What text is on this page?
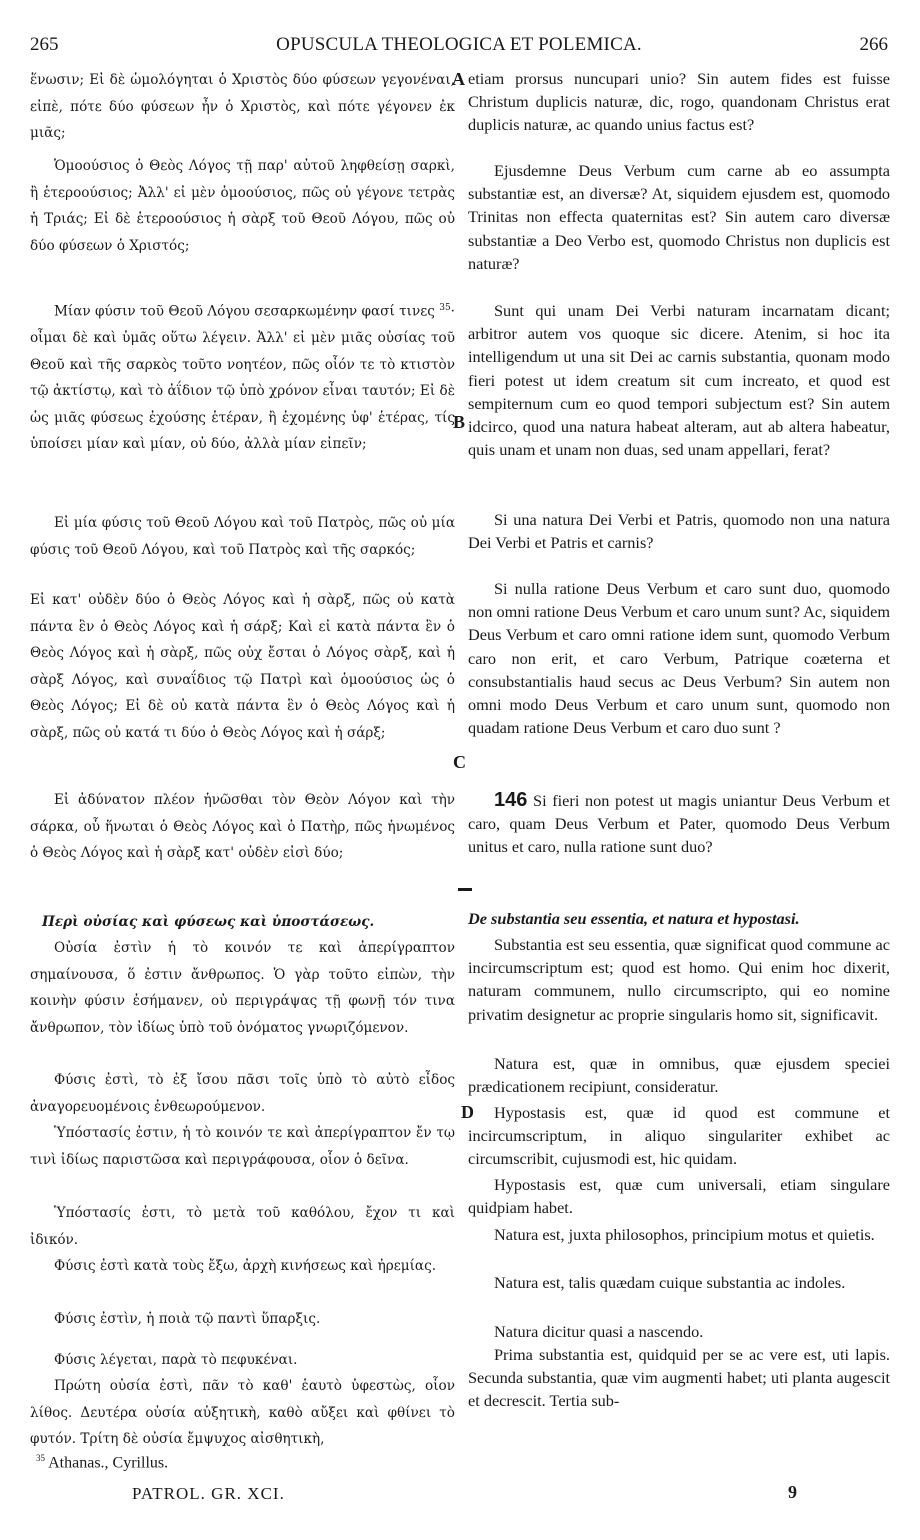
265	OPUSCULA THEOLOGICA ET POLEMICA.	266
A
B
C
D

ἕνωσιν; Εἰ δὲ ὡμολόγηται ὁ Χριστὸς δύο φύσεων γεγονέναι, εἰπὲ, πότε δύο φύσεων ἦν ὁ Χριστὸς, καὶ πότε γέγονεν ἐκ μιᾶς;

Ὁμοούσιος ὁ Θεὸς Λόγος τῇ παρ' αὐτοῦ ληφθείσῃ σαρκὶ, ἢ ἑτεροούσιος; Ἀλλ' εἰ μὲν ὁμοούσιος, πῶς οὐ γέγονε τετρὰς ἡ Τριάς; Εἰ δὲ ἑτεροούσιος ἡ σὰρξ τοῦ Θεοῦ Λόγου, πῶς οὐ δύο φύσεων ὁ Χριστός;

Μίαν φύσιν τοῦ Θεοῦ Λόγου σεσαρκωμένην φασί τινες $^{35}$· οἶμαι δὲ καὶ ὑμᾶς οὕτω λέγειν. Ἀλλ' εἰ μὲν μιᾶς οὐσίας τοῦ Θεοῦ καὶ τῆς σαρκὸς τοῦτο νοητέον, πῶς οἷόν τε τὸ κτιστὸν τῷ ἀκτίστῳ, καὶ τὸ ἀΐδιον τῷ ὑπὸ χρόνον εἶναι ταυτόν; Εἰ δὲ ὡς μιᾶς φύσεως ἐχούσης ἑτέραν, ἢ ἐχομένης ὑφ' ἑτέρας, τίς ὑποίσει μίαν καὶ μίαν, οὐ δύο, ἀλλὰ μίαν εἰπεῖν;

Εἰ μία φύσις τοῦ Θεοῦ Λόγου καὶ τοῦ Πατρὸς, πῶς οὐ μία φύσις τοῦ Θεοῦ Λόγου, καὶ τοῦ Πατρὸς καὶ τῆς σαρκός;

Εἰ κατ' οὐδὲν δύο ὁ Θεὸς Λόγος καὶ ἡ σὰρξ, πῶς οὐ κατὰ πάντα ἓν ὁ Θεὸς Λόγος καὶ ἡ σάρξ; Καὶ εἰ κατὰ πάντα ἓν ὁ Θεὸς Λόγος καὶ ἡ σὰρξ, πῶς οὐχ ἔσται ὁ Λόγος σὰρξ, καὶ ἡ σὰρξ Λόγος, καὶ συναΐδιος τῷ Πατρὶ καὶ ὁμοούσιος ὡς ὁ Θεὸς Λόγος; Εἰ δὲ οὐ κατὰ πάντα ἓν ὁ Θεὸς Λόγος καὶ ἡ σὰρξ, πῶς οὐ κατά τι δύο ὁ Θεὸς Λόγος καὶ ἡ σάρξ;

Εἰ ἀδύνατον πλέον ἡνῶσθαι τὸν Θεὸν Λόγον καὶ τὴν σάρκα, οὗ ἥνωται ὁ Θεὸς Λόγος καὶ ὁ Πατὴρ, πῶς ἡνωμένος ὁ Θεὸς Λόγος καὶ ἡ σὰρξ κατ' οὐδὲν εἰσὶ δύο;

Περὶ οὐσίας καὶ φύσεως καὶ ὑποστάσεως.

Οὐσία ἐστὶν ἡ τὸ κοινόν τε καὶ ἀπερίγραπτον σημαίνουσα, ὅ ἐστιν ἄνθρωπος. Ὁ γὰρ τοῦτο εἰπὼν, τὴν κοινὴν φύσιν ἐσήμανεν, οὐ περιγράψας τῇ φωνῇ τόν τινα ἄνθρωπον, τὸν ἰδίως ὑπὸ τοῦ ὀνόματος γνωριζόμενον.

Φύσις ἐστὶ, τὸ ἐξ ἴσου πᾶσι τοῖς ὑπὸ τὸ αὐτὸ εἶδος ἀναγορευομένοις ἐνθεωρούμενον.

Ὑπόστασίς ἐστιν, ἡ τὸ κοινόν τε καὶ ἀπερίγραπτον ἔν τῳ τινὶ ἰδίως παριστῶσα καὶ περιγράφουσα, οἷον ὁ δεῖνα.

Ὑπόστασίς ἐστι, τὸ μετὰ τοῦ καθόλου, ἔχον τι καὶ ἰδικόν.

Φύσις ἐστὶ κατὰ τοὺς ἔξω, ἀρχὴ κινήσεως καὶ ἠρεμίας.

Φύσις ἐστὶν, ἡ ποιὰ τῷ παντὶ ὕπαρξις.

Φύσις λέγεται, παρὰ τὸ πεφυκέναι.

Πρώτη οὐσία ἐστὶ, πᾶν τὸ καθ' ἑαυτὸ ὑφεστὼς, οἷον λίθος. Δευτέρα οὐσία αὐξητικὴ, καθὸ αὔξει καὶ φθίνει τὸ φυτόν. Τρίτη δὲ οὐσία ἔμψυχος αἰσθητικὴ,

etiam prorsus nuncupari unio? Sin autem fides est fuisse Christum duplicis naturæ, dic, rogo, quandonam Christus erat duplicis naturæ, ac quando unius factus est?

Ejusdemne Deus Verbum cum carne ab eo assumpta substantiæ est, an diversæ? At, siquidem ejusdem est, quomodo Trinitas non effecta quaternitas est? Sin autem caro diversæ substantiæ a Deo Verbo est, quomodo Christus non duplicis est naturæ?

Sunt qui unam Dei Verbi naturam incarnatam dicant; arbitror autem vos quoque sic dicere. Atenim, si hoc ita intelligendum ut una sit Dei ac carnis substantia, quonam modo fieri potest ut idem creatum sit cum increato, et quod est sempiternum cum eo quod tempori subjectum est? Sin autem idcirco, quod una natura habeat alteram, aut ab altera habeatur, quis unam et unam non duas, sed unam appellari, ferat?

Si una natura Dei Verbi et Patris, quomodo non una natura Dei Verbi et Patris et carnis?

Si nulla ratione Deus Verbum et caro sunt duo, quomodo non omni ratione Deus Verbum et caro unum sunt? Ac, siquidem Deus Verbum et caro omni ratione idem sunt, quomodo Verbum caro non erit, et caro Verbum, Patrique coæterna et consubstantialis haud secus ac Deus Verbum? Sin autem non omni modo Deus Verbum et caro unum sunt, quomodo non quadam ratione Deus Verbum et caro duo sunt ?

146 Si fieri non potest ut magis uniantur Deus Verbum et caro, quam Deus Verbum et Pater, quomodo Deus Verbum unitus et caro, nulla ratione sunt duo?

De substantia seu essentia, et natura et hypostasi.

Substantia est seu essentia, quæ significat quod commune ac incircumscriptum est; quod est homo. Qui enim hoc dixerit, naturam communem, nullo circumscripto, qui eo nomine privatim designetur ac proprie singularis homo sit, significavit.

Natura est, quæ in omnibus, quæ ejusdem speciei prædicationem recipiunt, consideratur.

Hypostasis est, quæ id quod est commune et incircumscriptum, in aliquo singulariter exhibet ac circumscribit, cujusmodi est, hic quidam.

Hypostasis est, quæ cum universali, etiam singulare quidpiam habet.

Natura est, juxta philosophos, principium motus et quietis.

Natura est, talis quædam cuique substantia ac indoles.

Natura dicitur quasi a nascendo.

Prima substantia est, quidquid per se ac vere est, uti lapis. Secunda substantia, quæ vim augmenti habet; uti planta augescit et decrescit. Tertia sub-

$^{35}$ Athanas., Cyrillus.
PATROL. GR. XCI.	9
